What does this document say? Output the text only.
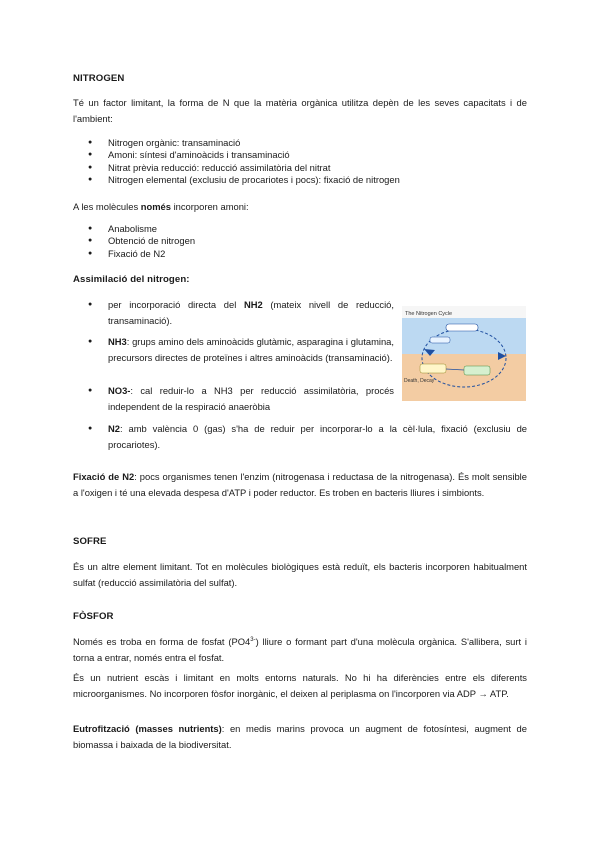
NITROGEN
Té un factor limitant, la forma de N que la matèria orgànica utilitza depèn de les seves capacitats i de l'ambient:
● Nitrogen orgànic: transaminació
● Amoni: síntesi d'aminoàcids i transaminació
● Nitrat prèvia reducció: reducció assimilatòria del nitrat
● Nitrogen elemental (exclusiu de procariotes i pocs): fixació de nitrogen
A les molècules només incorporen amoni:
● Anabolisme
● Obtenció de nitrogen
● Fixació de N2
Assimilació del nitrogen:
● per incorporació directa del NH2 (mateix nivell de reducció, transaminació).
● NH3: grups amino dels aminoàcids glutàmic, asparagina i glutamina, precursors directes de proteïnes i altres aminoàcids (transaminació).
● NO3-: cal reduir-lo a NH3 per reducció assimilatòria, procés independent de la respiració anaeròbia
● N2: amb valència 0 (gas) s'ha de reduir per incorporar-lo a la cèl·lula, fixació (exclusiu de procariotes).
The Nitrogen Cycle
Death, Decay
Fixació de N2: pocs organismes tenen l'enzim (nitrogenasa i reductasa de la nitrogenasa). És molt sensible a l'oxigen i té una elevada despesa d'ATP i poder reductor. Es troben en bacteris lliures i simbionts.
SOFRE
És un altre element limitant. Tot en molècules biològiques està reduït, els bacteris incorporen habitualment sulfat (reducció assimilatòria del sulfat).
FÒSFOR
Només es troba en forma de fosfat $(PO4^{3-})$ lliure o formant part d'una molècula orgànica. S'allibera, surt i torna a entrar, només entra el fosfat.
És un nutrient escàs i limitant en molts entorns naturals. No hi ha diferències entre els diferents microorganismes. No incorporen fòsfor inorgànic, el deixen al periplasma on l'incorporen via ADP → ATP.
Eutrofització (masses nutrients): en medis marins provoca un augment de fotosíntesi, augment de biomassa i baixada de la biodiversitat.
